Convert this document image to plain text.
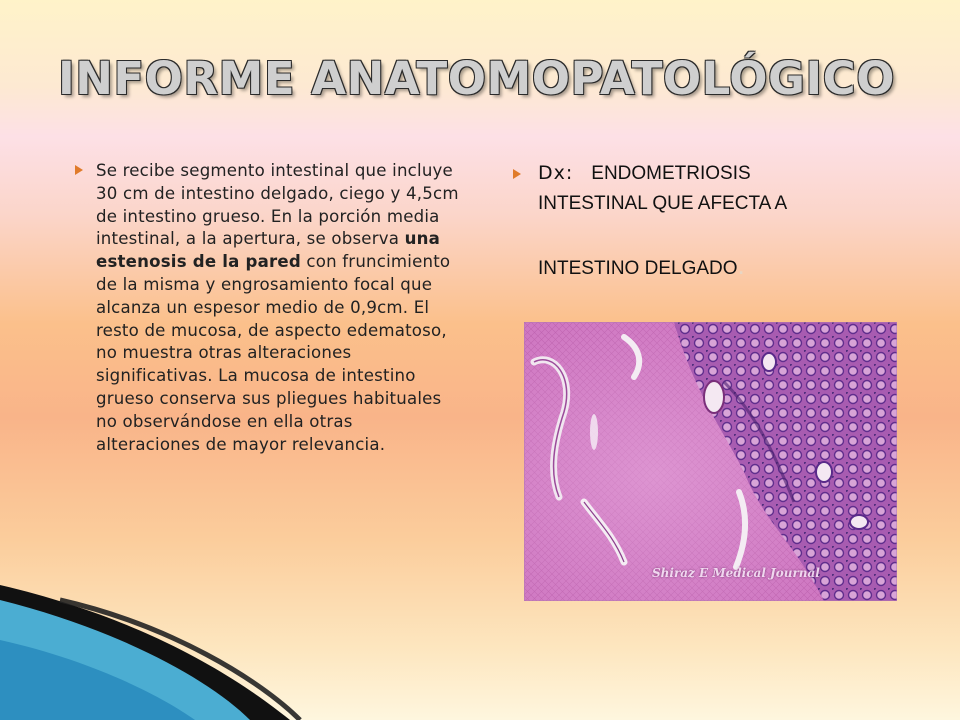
INFORME ANATOMOPATOLÓGICO
Se recibe segmento intestinal que incluye 30 cm de intestino delgado, ciego y 4,5cm de intestino grueso. En la porción media intestinal, a la apertura, se observa una estenosis de la pared con fruncimiento de la misma y engrosamiento focal que alcanza un espesor medio de 0,9cm. El resto de mucosa, de aspecto edematoso, no muestra otras alteraciones significativas. La mucosa de intestino grueso conserva sus pliegues habituales no observándose en ella otras alteraciones de mayor relevancia.
Dx: ENDOMETRIOSIS
INTESTINAL QUE AFECTA A
INTESTINO DELGADO.
Shiraz E Medical Journal
